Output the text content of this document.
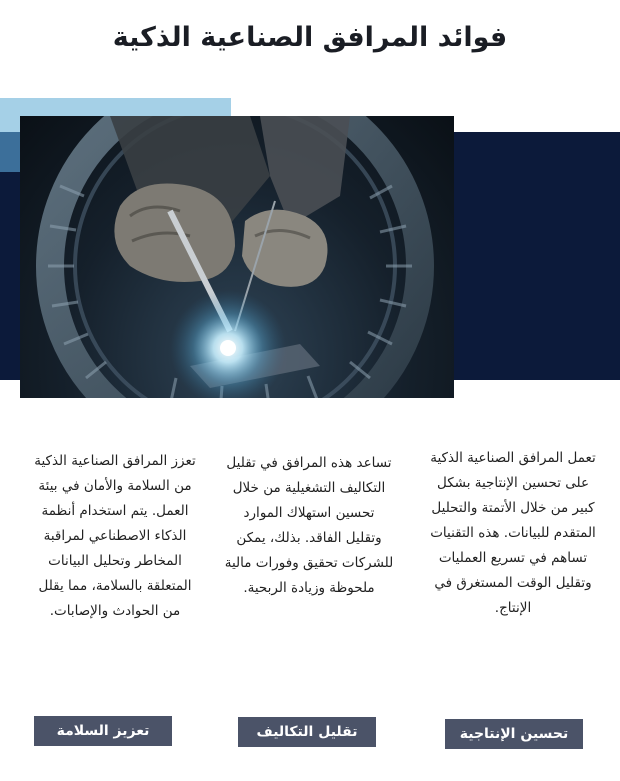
فوائد المرافق الصناعية الذكية
تعمل المرافق الصناعية الذكية على تحسين الإنتاجية بشكل كبير من خلال الأتمتة والتحليل المتقدم للبيانات. هذه التقنيات تساهم في تسريع العمليات وتقليل الوقت المستغرق في الإنتاج.
تساعد هذه المرافق في تقليل التكاليف التشغيلية من خلال تحسين استهلاك الموارد وتقليل الفاقد. بذلك، يمكن للشركات تحقيق وفورات مالية ملحوظة وزيادة الربحية.
تعزز المرافق الصناعية الذكية من السلامة والأمان في بيئة العمل. يتم استخدام أنظمة الذكاء الاصطناعي لمراقبة المخاطر وتحليل البيانات المتعلقة بالسلامة، مما يقلل من الحوادث والإصابات.
تحسين الإنتاجية
تقليل التكاليف
تعزيز السلامة
